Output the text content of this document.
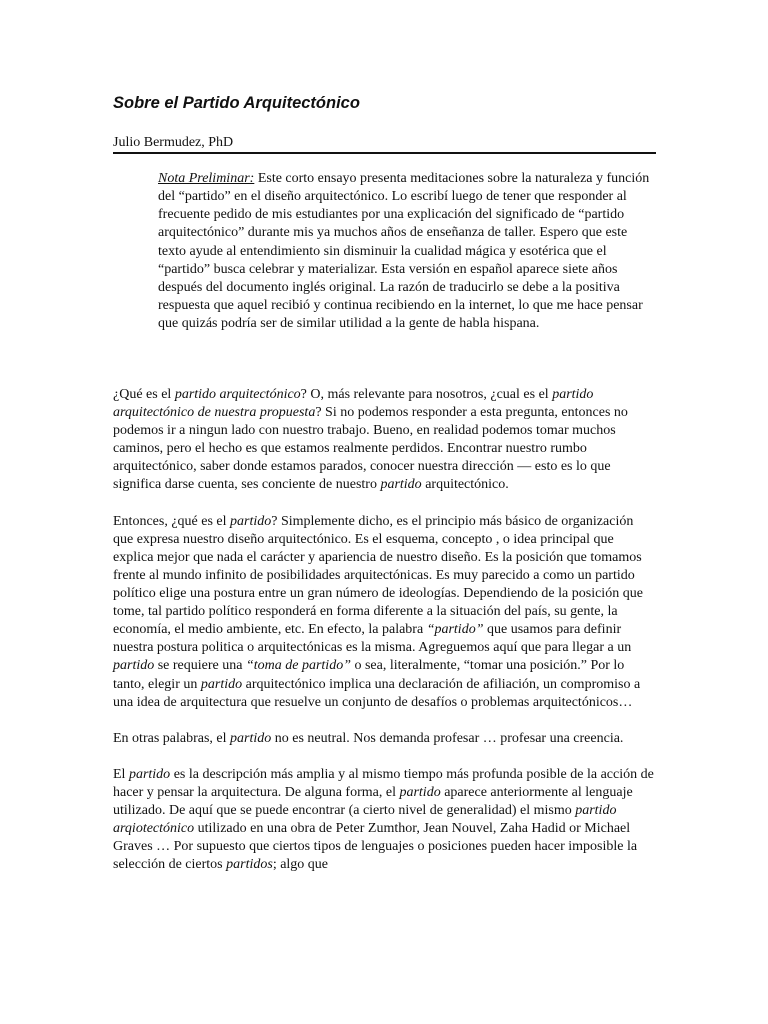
Sobre el Partido Arquitectónico
Julio Bermudez, PhD

Nota Preliminar: Este corto ensayo presenta meditaciones sobre la naturaleza y función del “partido” en el diseño arquitectónico. Lo escribí luego de tener que responder al frecuente pedido de mis estudiantes por una explicación del significado de “partido arquitectónico” durante mis ya muchos años de enseñanza de taller. Espero que este texto ayude al entendimiento sin disminuir la cualidad mágica y esotérica que el “partido” busca celebrar y materializar. Esta versión en español aparece siete años después del documento inglés original. La razón de traducirlo se debe a la positiva respuesta que aquel recibió y continua recibiendo en la internet, lo que me hace pensar que quizás podría ser de similar utilidad a la gente de habla hispana.

¿Qué es el partido arquitectónico? O, más relevante para nosotros, ¿cual es el partido arquitectónico de nuestra propuesta? Si no podemos responder a esta pregunta, entonces no podemos ir a ningun lado con nuestro trabajo. Bueno, en realidad podemos tomar muchos caminos, pero el hecho es que estamos realmente perdidos. Encontrar nuestro rumbo arquitectónico, saber donde estamos parados, conocer nuestra dirección — esto es lo que significa darse cuenta, ses conciente de nuestro partido arquitectónico.

Entonces, ¿qué es el partido? Simplemente dicho, es el principio más básico de organización que expresa nuestro diseño arquitectónico. Es el esquema, concepto , o idea principal que explica mejor que nada el carácter y apariencia de nuestro diseño. Es la posición que tomamos frente al mundo infinito de posibilidades arquitectónicas. Es muy parecido a como un partido político elige una postura entre un gran número de ideologías. Dependiendo de la posición que tome, tal partido político responderá en forma diferente a la situación del país, su gente, la economía, el medio ambiente, etc. En efecto, la palabra “partido” que usamos para definir nuestra postura politica o arquitectónicas es la misma. Agreguemos aquí que para llegar a un partido se requiere una “toma de partido” o sea, literalmente, “tomar una posición.” Por lo tanto, elegir un partido arquitectónico implica una declaración de afiliación, un compromiso a una idea de arquitectura que resuelve un conjunto de desafíos o problemas arquitectónicos…

En otras palabras, el partido no es neutral. Nos demanda profesar … profesar una creencia.

El partido es la descripción más amplia y al mismo tiempo más profunda posible de la acción de hacer y pensar la arquitectura. De alguna forma, el partido aparece anteriormente al lenguaje utilizado. De aquí que se puede encontrar (a cierto nivel de generalidad) el mismo partido arqiotectónico utilizado en una obra de Peter Zumthor, Jean Nouvel, Zaha Hadid or Michael Graves … Por supuesto que ciertos tipos de lenguajes o posiciones pueden hacer imposible la selección de ciertos partidos; algo que
